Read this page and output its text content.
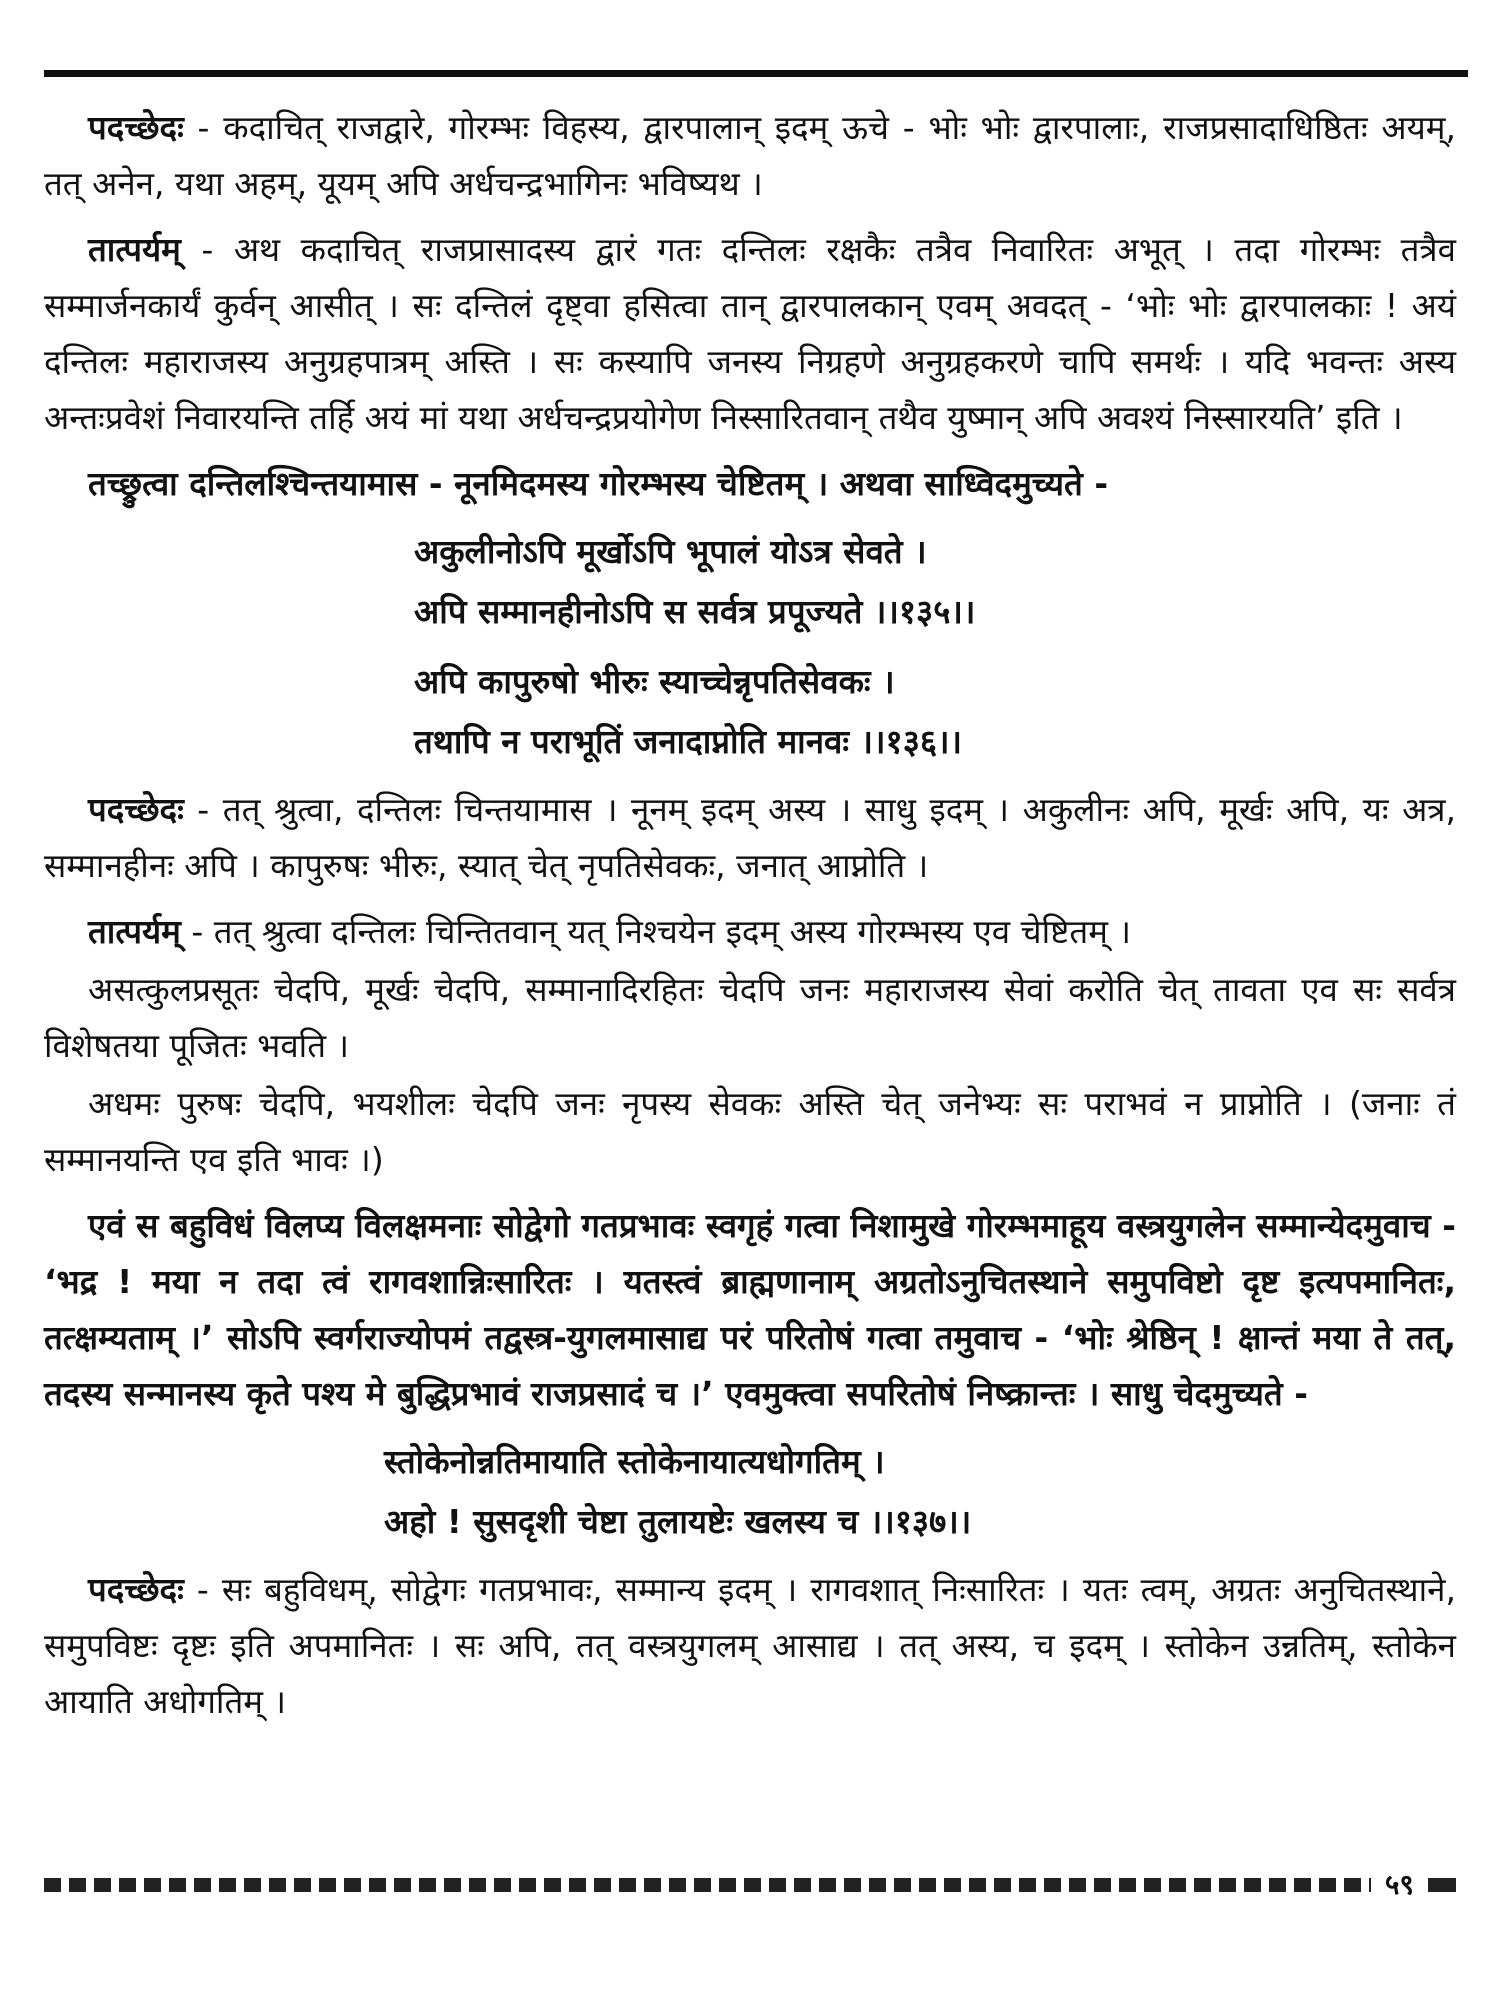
पदच्छेदः - कदाचित् राजद्वारे, गोरम्भः विहस्य, द्वारपालान् इदम् ऊचे - भोः भोः द्वारपालाः, राजप्रसादाधिष्ठितः अयम्, तत् अनेन, यथा अहम्, यूयम् अपि अर्धचन्द्रभागिनः भविष्यथ ।

तात्पर्यम् - अथ कदाचित् राजप्रासादस्य द्वारं गतः दन्तिलः रक्षकैः तत्रैव निवारितः अभूत् । तदा गोरम्भः तत्रैव सम्मार्जनकार्यं कुर्वन् आसीत् । सः दन्तिलं दृष्ट्वा हसित्वा तान् द्वारपालकान् एवम् अवदत् - ‘भोः भोः द्वारपालकाः ! अयं दन्तिलः महाराजस्य अनुग्रहपात्रम् अस्ति । सः कस्यापि जनस्य निग्रहणे अनुग्रहकरणे चापि समर्थः । यदि भवन्तः अस्य अन्तःप्रवेशं निवारयन्ति तर्हि अयं मां यथा अर्धचन्द्रप्रयोगेण निस्सारितवान् तथैव युष्मान् अपि अवश्यं निस्सारयति’ इति ।

तच्छ्रुत्वा दन्तिलश्चिन्तयामास - नूनमिदमस्य गोरम्भस्य चेष्टितम् । अथवा साध्विदमुच्यते -

अकुलीनोऽपि मूर्खोऽपि भूपालं योऽत्र सेवते ।
अपि सम्मानहीनोऽपि स सर्वत्र प्रपूज्यते ।।१३५।।
अपि कापुरुषो भीरुः स्याच्चेन्नृपतिसेवकः ।
तथापि न पराभूतिं जनादाप्नोति मानवः ।।१३६।।

पदच्छेदः - तत् श्रुत्वा, दन्तिलः चिन्तयामास । नूनम् इदम् अस्य । साधु इदम् । अकुलीनः अपि, मूर्खः अपि, यः अत्र, सम्मानहीनः अपि । कापुरुषः भीरुः, स्यात् चेत् नृपतिसेवकः, जनात् आप्नोति ।

तात्पर्यम् - तत् श्रुत्वा दन्तिलः चिन्तितवान् यत् निश्चयेन इदम् अस्य गोरम्भस्य एव चेष्टितम् ।

असत्कुलप्रसूतः चेदपि, मूर्खः चेदपि, सम्मानादिरहितः चेदपि जनः महाराजस्य सेवां करोति चेत् तावता एव सः सर्वत्र विशेषतया पूजितः भवति ।

अधमः पुरुषः चेदपि, भयशीलः चेदपि जनः नृपस्य सेवकः अस्ति चेत् जनेभ्यः सः पराभवं न प्राप्नोति । (जनाः तं सम्मानयन्ति एव इति भावः ।)

एवं स बहुविधं विलप्य विलक्षमनाः सोद्वेगो गतप्रभावः स्वगृहं गत्वा निशामुखे गोरम्भमाहूय वस्त्रयुगलेन सम्मान्येदमुवाच - ‘भद्र ! मया न तदा त्वं रागवशान्निःसारितः । यतस्त्वं ब्राह्मणानाम् अग्रतोऽनुचितस्थाने समुपविष्टो दृष्ट इत्यपमानितः, तत्क्षम्यताम् ।’ सोऽपि स्वर्गराज्योपमं तद्वस्त्र-युगलमासाद्य परं परितोषं गत्वा तमुवाच - ‘भोः श्रेष्ठिन् ! क्षान्तं मया ते तत्, तदस्य सन्मानस्य कृते पश्य मे बुद्धिप्रभावं राजप्रसादं च ।’ एवमुक्त्वा सपरितोषं निष्क्रान्तः । साधु चेदमुच्यते -

स्तोकेनोन्नतिमायाति स्तोकेनायात्यधोगतिम् ।
अहो ! सुसदृशी चेष्टा तुलायष्टेः खलस्य च ।।१३७।।

पदच्छेदः - सः बहुविधम्, सोद्वेगः गतप्रभावः, सम्मान्य इदम् । रागवशात् निःसारितः । यतः त्वम्, अग्रतः अनुचितस्थाने, समुपविष्टः दृष्टः इति अपमानितः । सः अपि, तत् वस्त्रयुगलम् आसाद्य । तत् अस्य, च इदम् । स्तोकेन उन्नतिम्, स्तोकेन आयाति अधोगतिम् ।

५९
